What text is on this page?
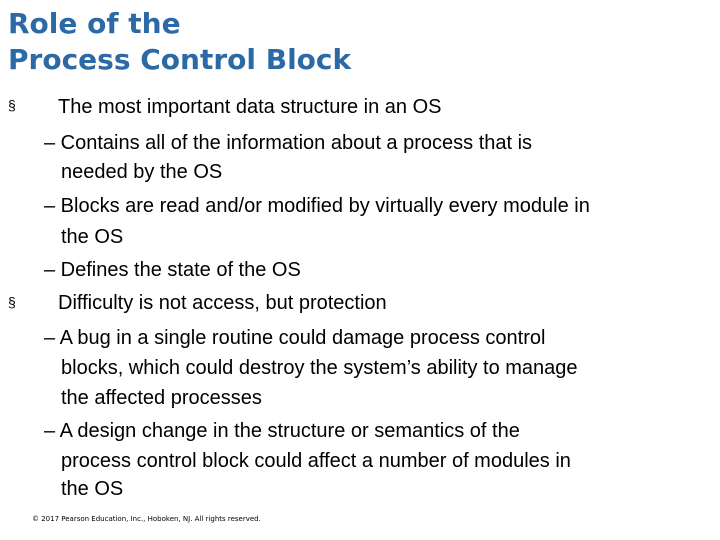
Role of the
Process Control Block
§ The most important data structure in an OS
– Contains all of the information about a process that is
needed by the OS
– Blocks are read and/or modified by virtually every module in
the OS
– Defines the state of the OS
§ Difficulty is not access, but protection
– A bug in a single routine could damage process control
blocks, which could destroy the system’s ability to manage
the affected processes
– A design change in the structure or semantics of the
process control block could affect a number of modules in
the OS
© 2017 Pearson Education, Inc., Hoboken, NJ. All rights reserved.
